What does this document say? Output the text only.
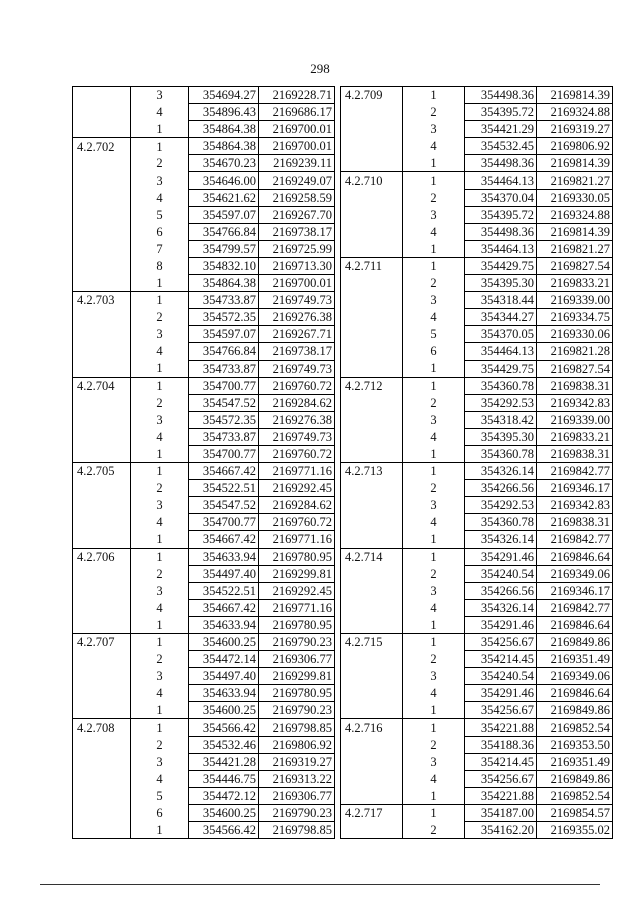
298
	3	354694.27	2169228.71
	4	354896.43	2169686.17
	1	354864.38	2169700.01
4.2.702	1	354864.38	2169700.01
	2	354670.23	2169239.11
	3	354646.00	2169249.07
	4	354621.62	2169258.59
	5	354597.07	2169267.70
	6	354766.84	2169738.17
	7	354799.57	2169725.99
	8	354832.10	2169713.30
	1	354864.38	2169700.01
4.2.703	1	354733.87	2169749.73
	2	354572.35	2169276.38
	3	354597.07	2169267.71
	4	354766.84	2169738.17
	1	354733.87	2169749.73
4.2.704	1	354700.77	2169760.72
	2	354547.52	2169284.62
	3	354572.35	2169276.38
	4	354733.87	2169749.73
	1	354700.77	2169760.72
4.2.705	1	354667.42	2169771.16
	2	354522.51	2169292.45
	3	354547.52	2169284.62
	4	354700.77	2169760.72
	1	354667.42	2169771.16
4.2.706	1	354633.94	2169780.95
	2	354497.40	2169299.81
	3	354522.51	2169292.45
	4	354667.42	2169771.16
	1	354633.94	2169780.95
4.2.707	1	354600.25	2169790.23
	2	354472.14	2169306.77
	3	354497.40	2169299.81
	4	354633.94	2169780.95
	1	354600.25	2169790.23
4.2.708	1	354566.42	2169798.85
	2	354532.46	2169806.92
	3	354421.28	2169319.27
	4	354446.75	2169313.22
	5	354472.12	2169306.77
	6	354600.25	2169790.23
	1	354566.42	2169798.85
4.2.709	1	354498.36	2169814.39
	2	354395.72	2169324.88
	3	354421.29	2169319.27
	4	354532.45	2169806.92
	1	354498.36	2169814.39
4.2.710	1	354464.13	2169821.27
	2	354370.04	2169330.05
	3	354395.72	2169324.88
	4	354498.36	2169814.39
	1	354464.13	2169821.27
4.2.711	1	354429.75	2169827.54
	2	354395.30	2169833.21
	3	354318.44	2169339.00
	4	354344.27	2169334.75
	5	354370.05	2169330.06
	6	354464.13	2169821.28
	1	354429.75	2169827.54
4.2.712	1	354360.78	2169838.31
	2	354292.53	2169342.83
	3	354318.42	2169339.00
	4	354395.30	2169833.21
	1	354360.78	2169838.31
4.2.713	1	354326.14	2169842.77
	2	354266.56	2169346.17
	3	354292.53	2169342.83
	4	354360.78	2169838.31
	1	354326.14	2169842.77
4.2.714	1	354291.46	2169846.64
	2	354240.54	2169349.06
	3	354266.56	2169346.17
	4	354326.14	2169842.77
	1	354291.46	2169846.64
4.2.715	1	354256.67	2169849.86
	2	354214.45	2169351.49
	3	354240.54	2169349.06
	4	354291.46	2169846.64
	1	354256.67	2169849.86
4.2.716	1	354221.88	2169852.54
	2	354188.36	2169353.50
	3	354214.45	2169351.49
	4	354256.67	2169849.86
	1	354221.88	2169852.54
4.2.717	1	354187.00	2169854.57
	2	354162.20	2169355.02
